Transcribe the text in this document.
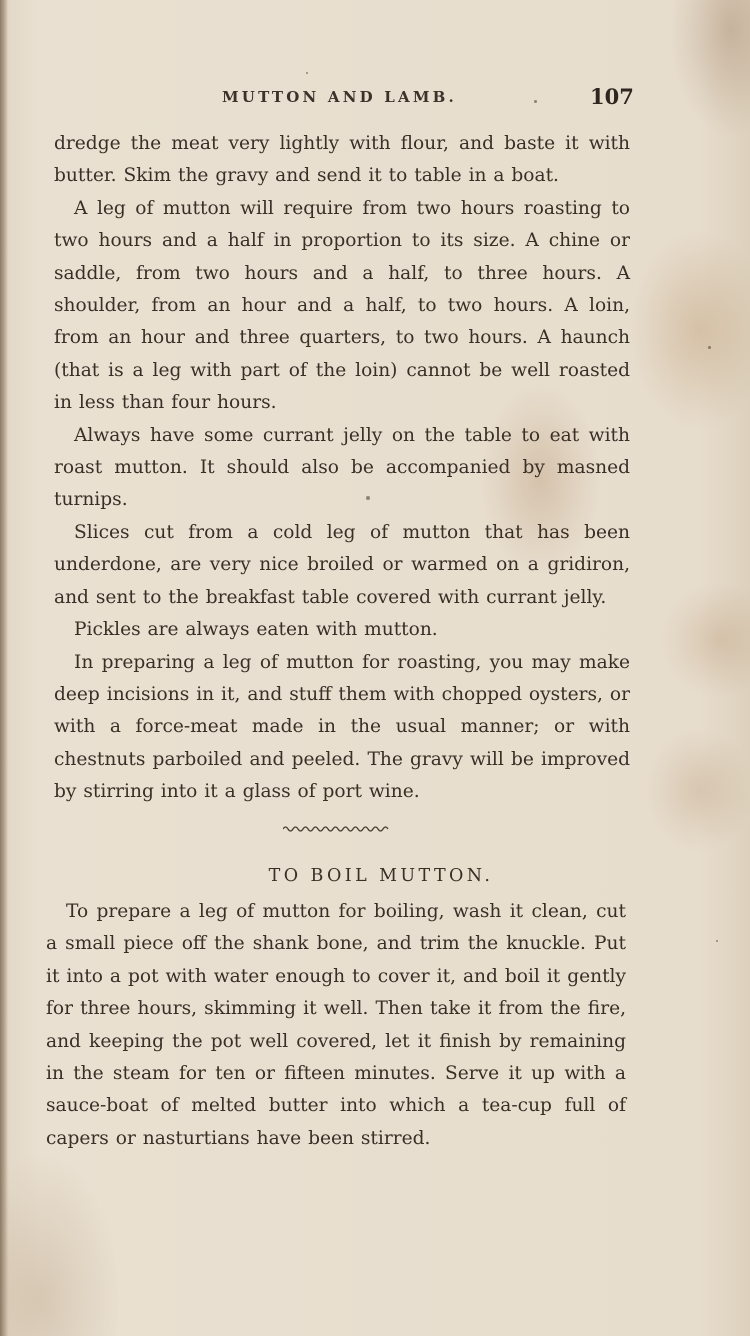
MUTTON AND LAMB.	107

dredge the meat very lightly with flour, and baste it with butter. Skim the gravy and send it to table in a boat.

A leg of mutton will require from two hours roasting to two hours and a half in proportion to its size. A chine or saddle, from two hours and a half, to three hours. A shoulder, from an hour and a half, to two hours. A loin, from an hour and three quarters, to two hours. A haunch (that is a leg with part of the loin) cannot be well roasted in less than four hours.

Always have some currant jelly on the table to eat with roast mutton. It should also be accompanied by masned turnips.

Slices cut from a cold leg of mutton that has been underdone, are very nice broiled or warmed on a gridiron, and sent to the breakfast table covered with currant jelly.

Pickles are always eaten with mutton.

In preparing a leg of mutton for roasting, you may make deep incisions in it, and stuff them with chopped oysters, or with a force-meat made in the usual manner; or with chestnuts parboiled and peeled. The gravy will be improved by stirring into it a glass of port wine.

TO BOIL MUTTON.

To prepare a leg of mutton for boiling, wash it clean, cut a small piece off the shank bone, and trim the knuckle. Put it into a pot with water enough to cover it, and boil it gently for three hours, skimming it well. Then take it from the fire, and keeping the pot well covered, let it finish by remaining in the steam for ten or fifteen minutes. Serve it up with a sauce-boat of melted butter into which a tea-cup full of capers or nasturtians have been stirred.
